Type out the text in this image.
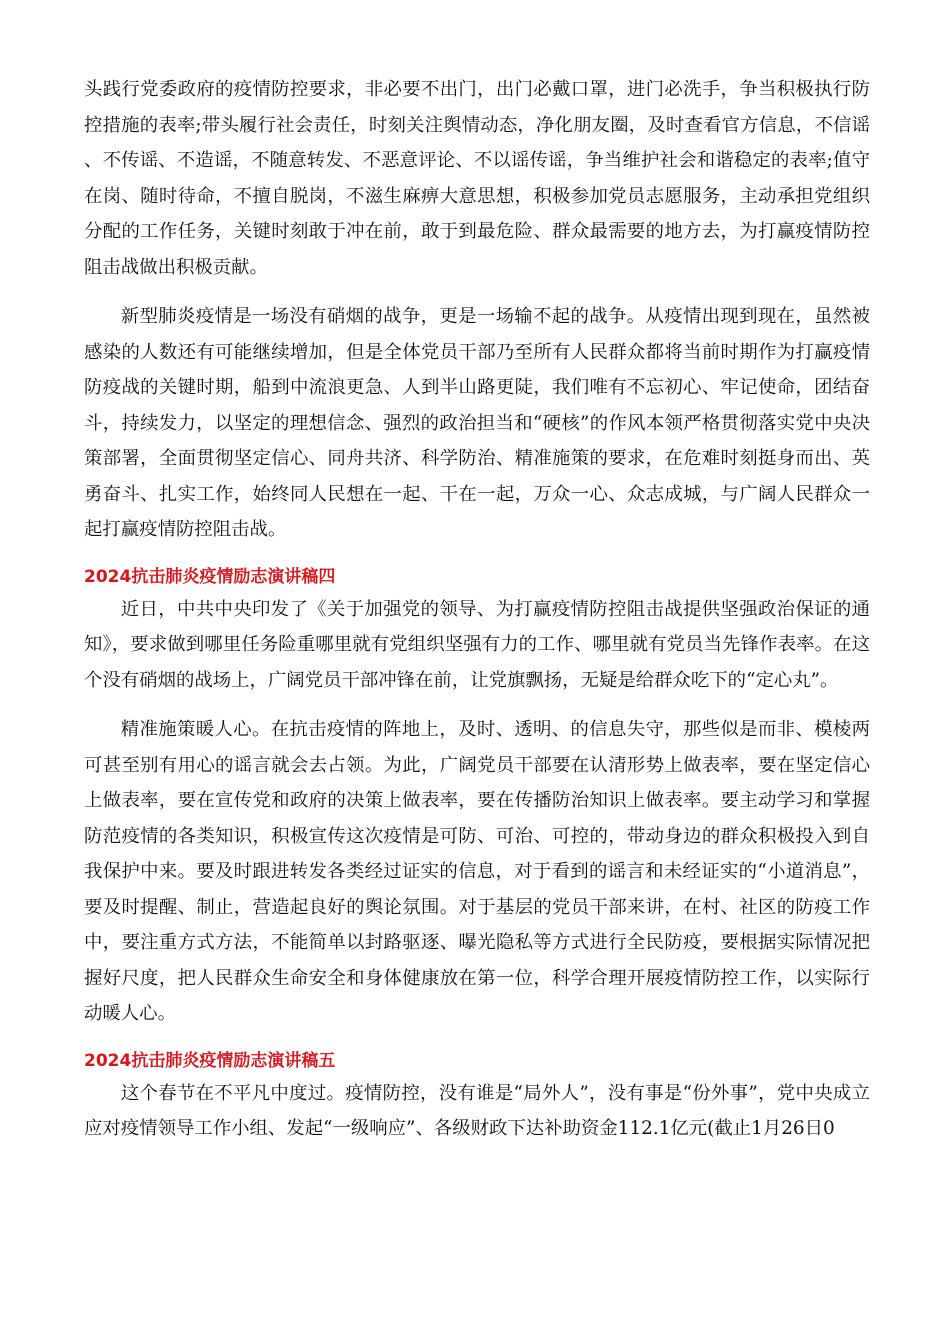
头践行党委政府的疫情防控要求，非必要不出门，出门必戴口罩，进门必洗手，争当积极执行防控措施的表率;带头履行社会责任，时刻关注舆情动态，净化朋友圈，及时查看官方信息，不信谣、不传谣、不造谣，不随意转发、不恶意评论、不以谣传谣，争当维护社会和谐稳定的表率;值守在岗、随时待命，不擅自脱岗，不滋生麻痹大意思想，积极参加党员志愿服务，主动承担党组织分配的工作任务，关键时刻敢于冲在前，敢于到最危险、群众最需要的地方去，为打赢疫情防控阻击战做出积极贡献。

新型肺炎疫情是一场没有硝烟的战争，更是一场输不起的战争。从疫情出现到现在，虽然被感染的人数还有可能继续增加，但是全体党员干部乃至所有人民群众都将当前时期作为打赢疫情防疫战的关键时期，船到中流浪更急、人到半山路更陡，我们唯有不忘初心、牢记使命，团结奋斗，持续发力，以坚定的理想信念、强烈的政治担当和“硬核”的作风本领严格贯彻落实党中央决策部署，全面贯彻坚定信心、同舟共济、科学防治、精准施策的要求，在危难时刻挺身而出、英勇奋斗、扎实工作，始终同人民想在一起、干在一起，万众一心、众志成城，与广阔人民群众一起打赢疫情防控阻击战。

2024抗击肺炎疫情励志演讲稿四

近日，中共中央印发了《关于加强党的领导、为打赢疫情防控阻击战提供坚强政治保证的通知》，要求做到哪里任务险重哪里就有党组织坚强有力的工作、哪里就有党员当先锋作表率。在这个没有硝烟的战场上，广阔党员干部冲锋在前，让党旗飘扬，无疑是给群众吃下的“定心丸”。

精准施策暖人心。在抗击疫情的阵地上，及时、透明、的信息失守，那些似是而非、模棱两可甚至别有用心的谣言就会去占领。为此，广阔党员干部要在认清形势上做表率，要在坚定信心上做表率，要在宣传党和政府的决策上做表率，要在传播防治知识上做表率。要主动学习和掌握防范疫情的各类知识，积极宣传这次疫情是可防、可治、可控的，带动身边的群众积极投入到自我保护中来。要及时跟进转发各类经过证实的信息，对于看到的谣言和未经证实的“小道消息”，要及时提醒、制止，营造起良好的舆论氛围。对于基层的党员干部来讲，在村、社区的防疫工作中，要注重方式方法，不能简单以封路驱逐、曝光隐私等方式进行全民防疫，要根据实际情况把握好尺度，把人民群众生命安全和身体健康放在第一位，科学合理开展疫情防控工作，以实际行动暖人心。

2024抗击肺炎疫情励志演讲稿五

这个春节在不平凡中度过。疫情防控，没有谁是“局外人”，没有事是“份外事”，党中央成立应对疫情领导工作小组、发起“一级响应”、各级财政下达补助资金112.1亿元(截止1月26日0
